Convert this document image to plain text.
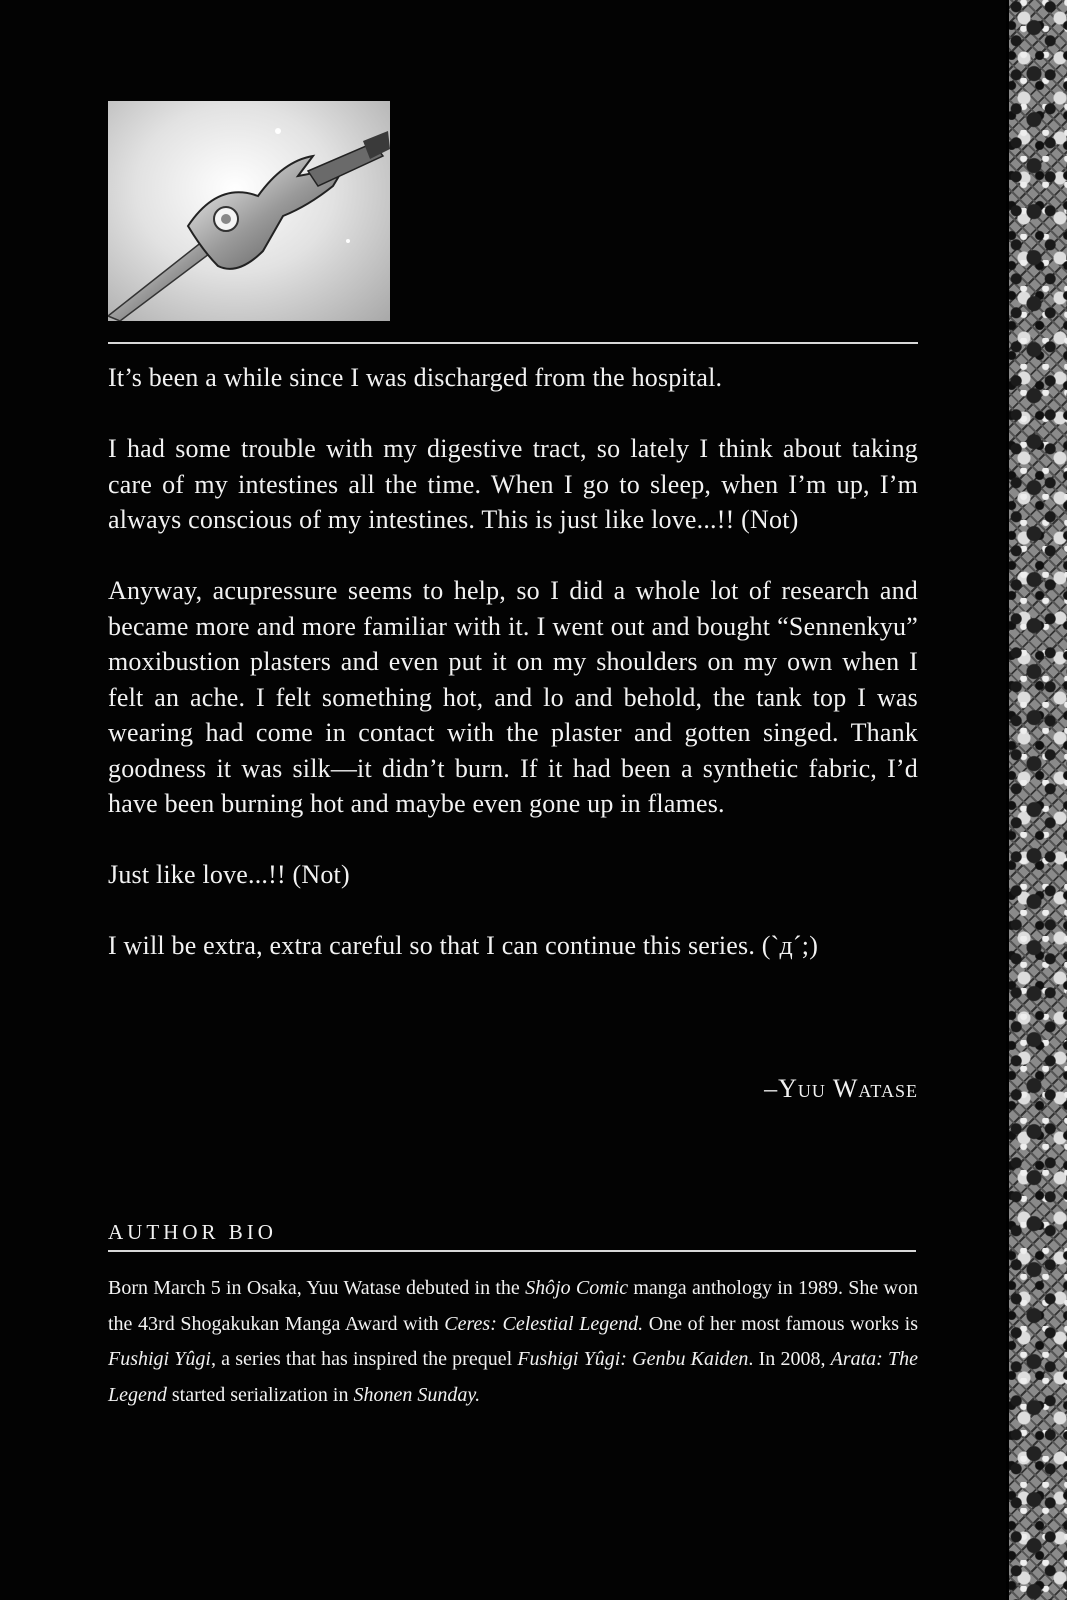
It’s been a while since I was discharged from the hospital.

I had some trouble with my digestive tract, so lately I think about taking care of my intestines all the time. When I go to sleep, when I’m up, I’m always conscious of my intestines. This is just like love...!! (Not)

Anyway, acupressure seems to help, so I did a whole lot of research and became more and more familiar with it. I went out and bought “Sennenkyu” moxibustion plasters and even put it on my shoulders on my own when I felt an ache. I felt something hot, and lo and behold, the tank top I was wearing had come in contact with the plaster and gotten singed. Thank goodness it was silk—it didn’t burn. If it had been a synthetic fabric, I’d have been burning hot and maybe even gone up in flames.

Just like love...!! (Not)

I will be extra, extra careful so that I can continue this series. (`д´;)

–Yuu Watase
AUTHOR BIO

Born March 5 in Osaka, Yuu Watase debuted in the Shôjo Comic manga anthology in 1989. She won the 43rd Shogakukan Manga Award with Ceres: Celestial Legend. One of her most famous works is Fushigi Yûgi, a series that has inspired the prequel Fushigi Yûgi: Genbu Kaiden. In 2008, Arata: The Legend started serialization in Shonen Sunday.
